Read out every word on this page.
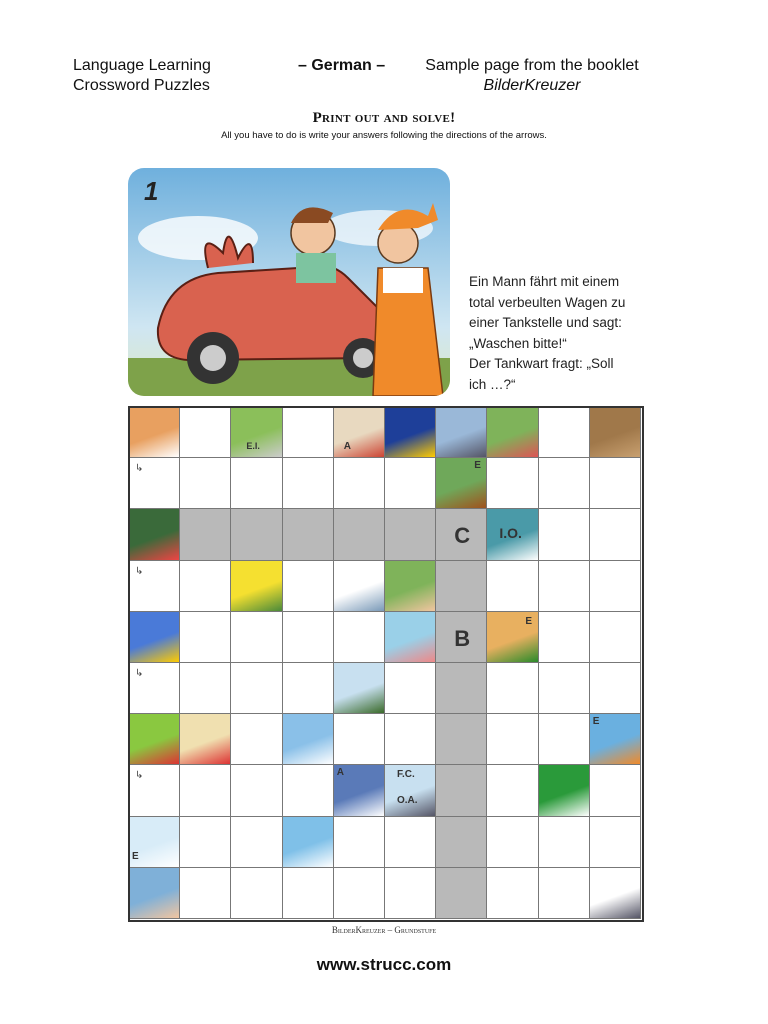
Language Learning
Crossword Puzzles
– German –	Sample page from the booklet
BilderKreuzer
Print out and solve!
All you have to do is write your answers following the directions of the arrows.
1
Ein Mann fährt mit einem
total verbeulten Wagen zu
einer Tankstelle und sagt:
„Waschen bitte!“
Der Tankwart fragt: „Soll
ich …?“
C
B
I.O.
E.I.
F.C.
O.A.
A
A
E
E
E
E
↳
↳
↳
↳
BilderKreuzer – Grundstufe
www.strucc.com
